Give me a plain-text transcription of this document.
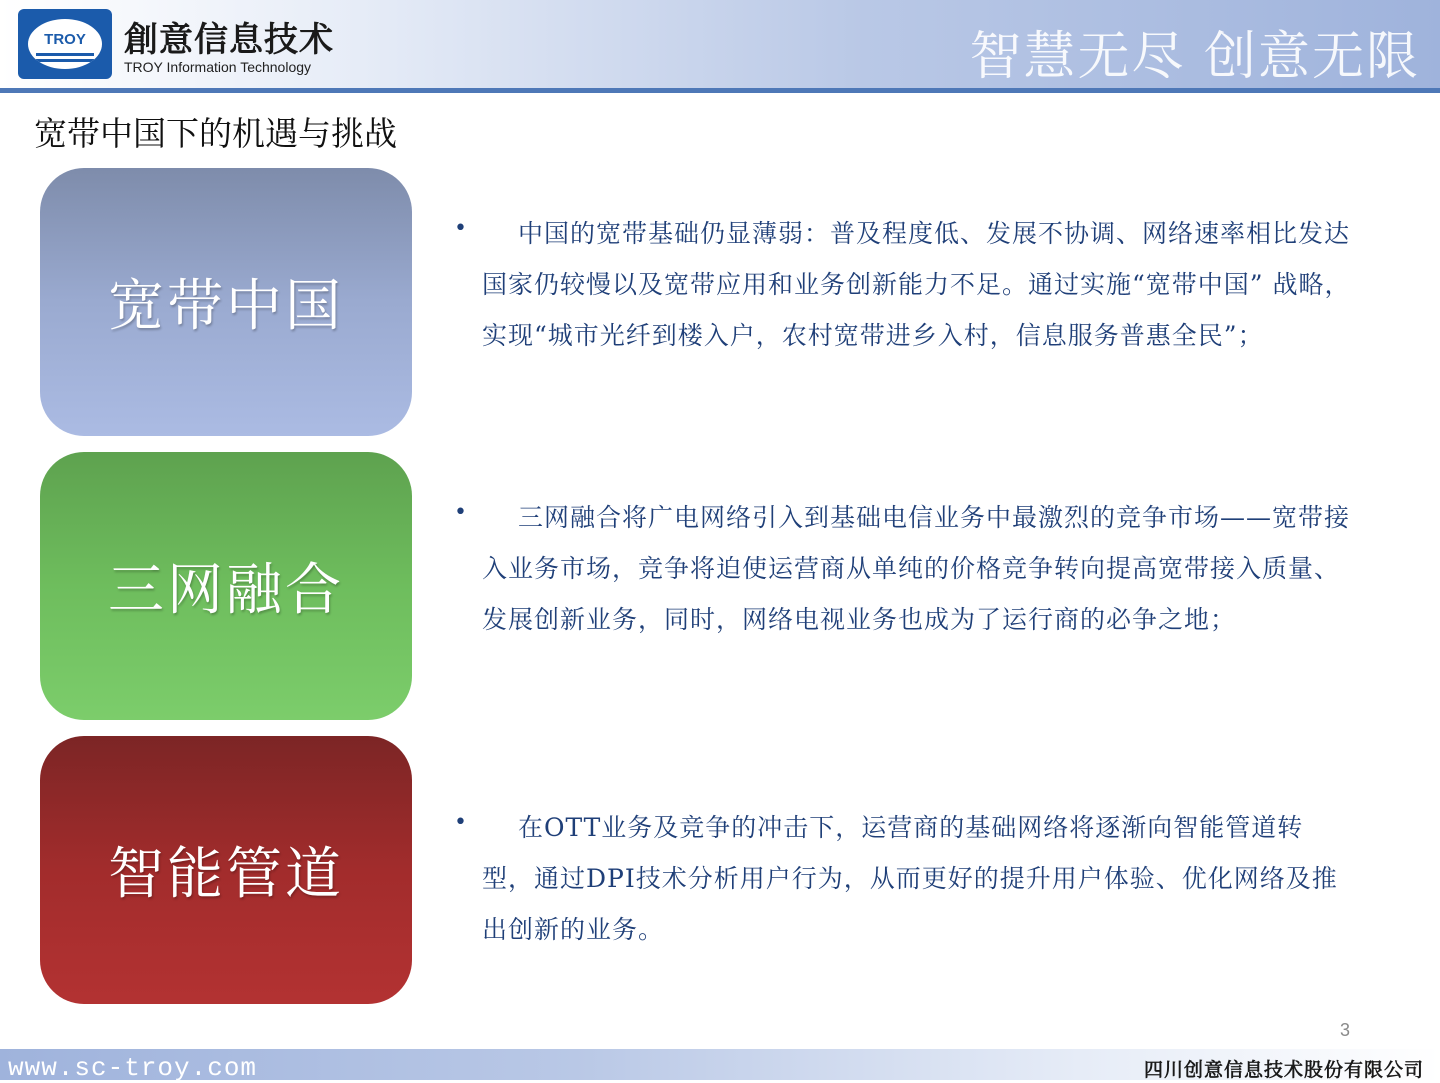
TROY	創意信息技术
TROY Information Technology	智慧无尽 创意无限
宽带中国下的机遇与挑战
宽带中国
三网融合
智能管道
•	中国的宽带基础仍显薄弱：普及程度低、发展不协调、网络速率相比发达国家仍较慢以及宽带应用和业务创新能力不足。通过实施“宽带中国” 战略，实现“城市光纤到楼入户，农村宽带进乡入村，信息服务普惠全民”；
•	三网融合将广电网络引入到基础电信业务中最激烈的竞争市场——宽带接入业务市场，竞争将迫使运营商从单纯的价格竞争转向提高宽带接入质量、发展创新业务，同时，网络电视业务也成为了运行商的必争之地；
•	在OTT业务及竞争的冲击下，运营商的基础网络将逐渐向智能管道转型，通过DPI技术分析用户行为，从而更好的提升用户体验、优化网络及推出创新的业务。
3
www.sc-troy.com	四川创意信息技术股份有限公司
